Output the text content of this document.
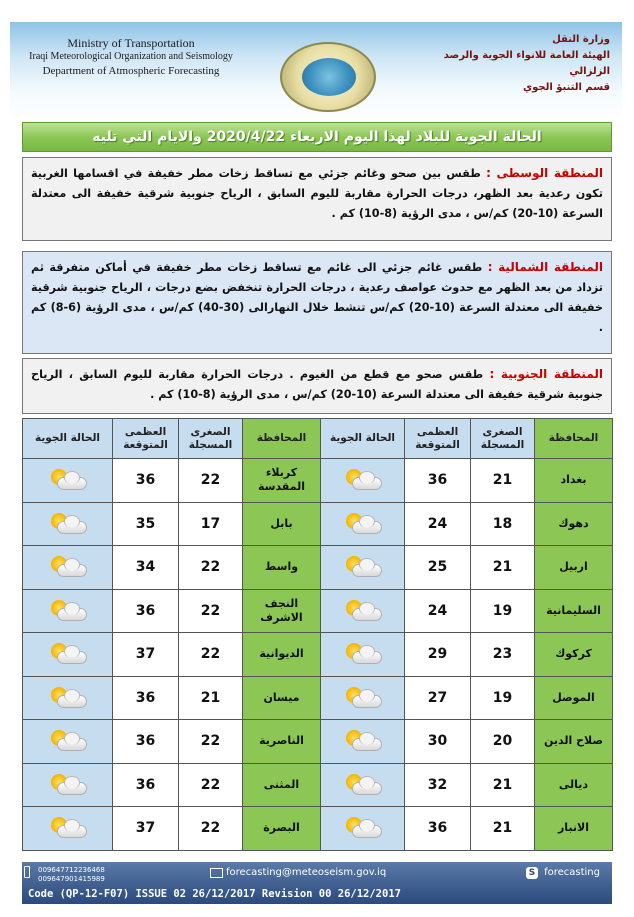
Ministry of Transportation
Iraqi Meteorological Organization and Seismology
Department of Atmospheric Forecasting
وزارة النقل
الهيئة العامة للانواء الجوية والرصد الزلزالي
قسم التنبؤ الجوي
الحالة الجوية للبلاد لهذا اليوم الاربعاء 2020/4/22 والايام التي تليه
المنطقة الوسطى : طقس بين صحو وغائم جزئي مع تساقط زخات مطر خفيفة في اقسامها الغربية تكون رعدية بعد الظهر، درجات الحرارة مقاربة لليوم السابق ، الرياح جنوبية شرقية خفيفة الى معتدلة السرعة (10-20) كم/س ، مدى الرؤية (8-10) كم .
المنطقة الشمالية : طقس غائم جزئي الى غائم مع تساقط زخات مطر خفيفة في أماكن متفرقة ثم تزداد من بعد الظهر مع حدوث عواصف رعدية ، درجات الحرارة تنخفض بضع درجات ، الرياح جنوبية شرقية خفيفة الى معتدلة السرعة (10-20) كم/س تنشط خلال النهارالى (30-40) كم/س ، مدى الرؤية (6-8) كم .
المنطقة الجنوبية : طقس صحو مع قطع من الغيوم . درجات الحرارة مقاربة لليوم السابق ، الرياح جنوبية شرقية خفيفة الى معتدلة السرعة (10-20) كم/س ، مدى الرؤية (8-10) كم .
المحافظة	الصغرى المسجلة	العظمى المتوقعة	الحالة الجوية	المحافظة	الصغرى المسجلة	العظمى المتوقعة	الحالة الجوية
بغداد	21	36		كربلاء المقدسة	22	36	

دهوك	18	24		بابل	17	35	

اربيل	21	25		واسط	22	34	

السليمانية	19	24		النجف الاشرف	22	36	

كركوك	23	29		الديوانية	22	37	

الموصل	19	27		ميسان	21	36	

صلاح الدين	20	30		الناصرية	22	36	

ديالى	21	32		المثنى	22	36	

الانبار	21	36		البصرة	22	37	
009647712236468
009647901415989
forecasting@meteoseism.gov.iq	S forecasting
Code (QP-12-F07) ISSUE 02 26/12/2017 Revision 00 26/12/2017
